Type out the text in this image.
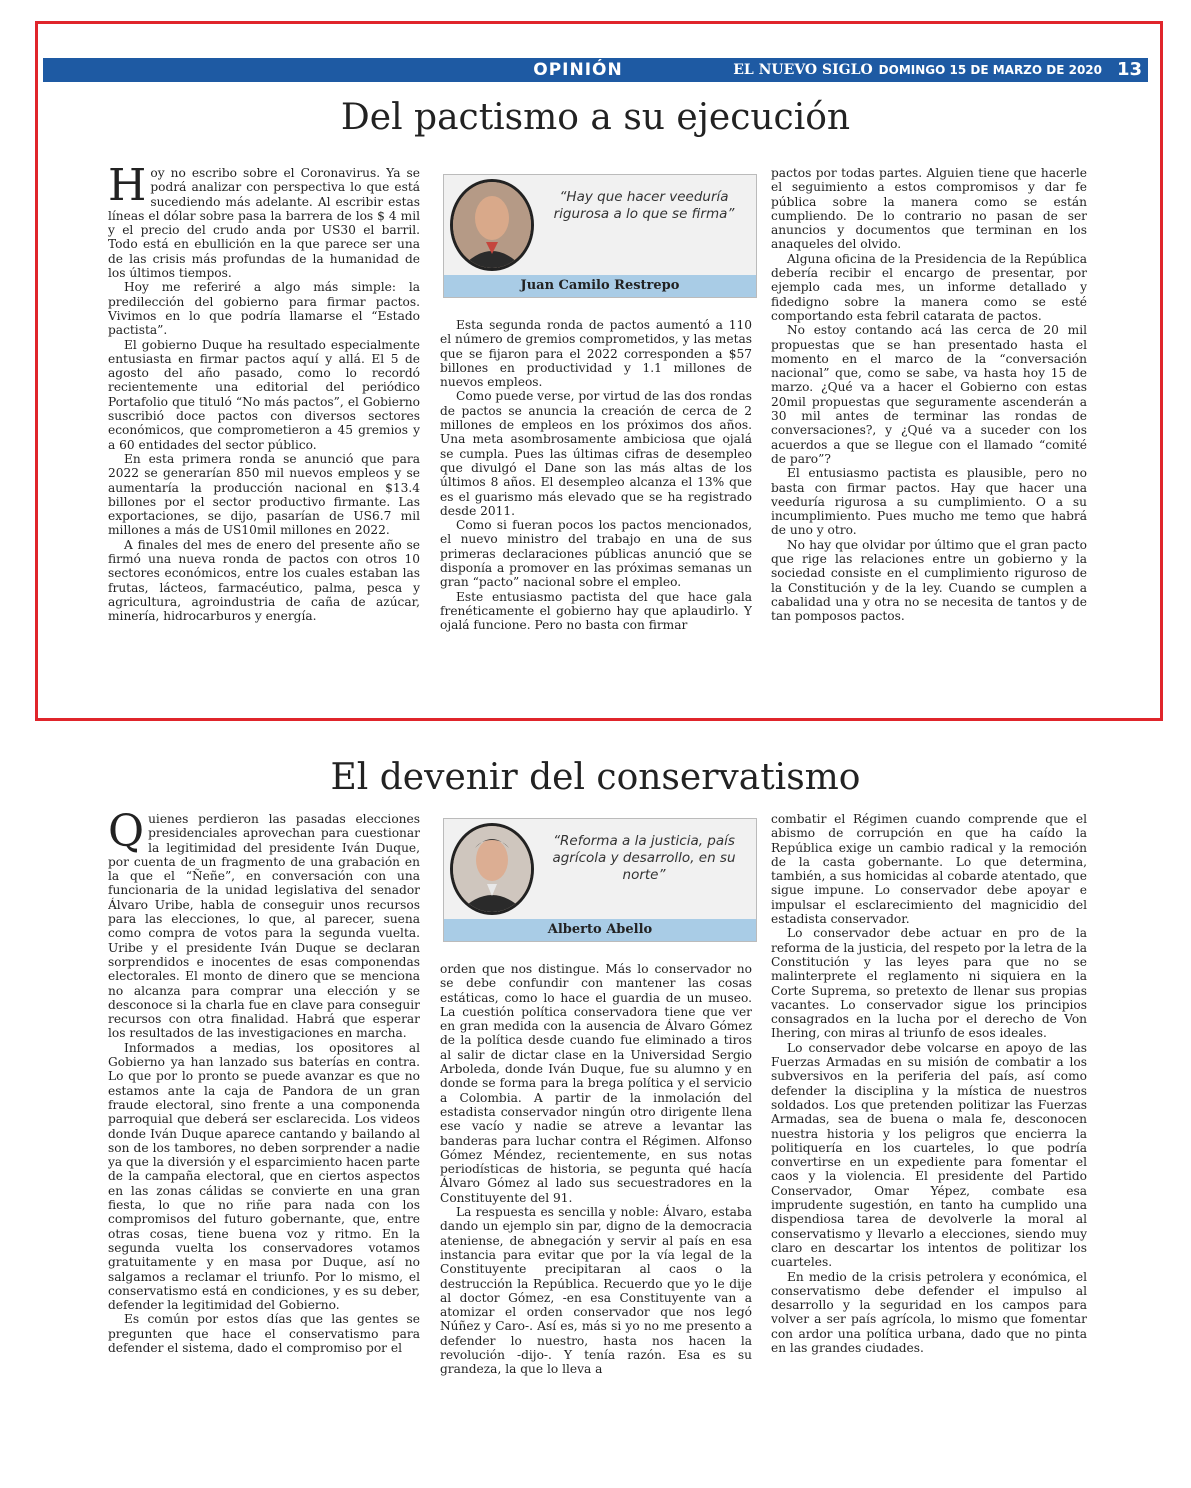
OPINIÓN	EL NUEVO SIGLO DOMINGO 15 DE MARZO DE 2020 13
Del pactismo a su ejecución

Hoy no escribo sobre el Coronavirus. Ya se podrá analizar con perspectiva lo que está sucediendo más adelante. Al escribir estas líneas el dólar sobre pasa la barrera de los $ 4 mil y el precio del crudo anda por US30 el barril. Todo está en ebullición en la que parece ser una de las crisis más profundas de la humanidad de los últimos tiempos.

Hoy me referiré a algo más simple: la predilección del gobierno para firmar pactos. Vivimos en lo que podría llamarse el “Estado pactista”.

El gobierno Duque ha resultado especialmente entusiasta en firmar pactos aquí y allá. El 5 de agosto del año pasado, como lo recordó recientemente una editorial del periódico Portafolio que tituló “No más pactos”, el Gobierno suscribió doce pactos con diversos sectores económicos, que comprometieron a 45 gremios y a 60 entidades del sector público.

En esta primera ronda se anunció que para 2022 se generarían 850 mil nuevos empleos y se aumentaría la producción nacional en $13.4 billones por el sector productivo firmante. Las exportaciones, se dijo, pasarían de US6.7 mil millones a más de US10mil millones en 2022.

A finales del mes de enero del presente año se firmó una nueva ronda de pactos con otros 10 sectores económicos, entre los cuales estaban las frutas, lácteos, farmacéutico, palma, pesca y agricultura, agroindustria de caña de azúcar, minería, hidrocarburos y energía.

“Hay que hacer veeduría rigurosa a lo que se firma”
Juan Camilo Restrepo

Esta segunda ronda de pactos aumentó a 110 el número de gremios comprometidos, y las metas que se fijaron para el 2022 corresponden a $57 billones en productividad y 1.1 millones de nuevos empleos.

Como puede verse, por virtud de las dos rondas de pactos se anuncia la creación de cerca de 2 millones de empleos en los próximos dos años. Una meta asombrosamente ambiciosa que ojalá se cumpla. Pues las últimas cifras de desempleo que divulgó el Dane son las más altas de los últimos 8 años. El desempleo alcanza el 13% que es el guarismo más elevado que se ha registrado desde 2011.

Como si fueran pocos los pactos mencionados, el nuevo ministro del trabajo en una de sus primeras declaraciones públicas anunció que se disponía a promover en las próximas semanas un gran “pacto” nacional sobre el empleo.

Este entusiasmo pactista del que hace gala frenéticamente el gobierno hay que aplaudirlo. Y ojalá funcione. Pero no basta con firmar

pactos por todas partes. Alguien tiene que hacerle el seguimiento a estos compromisos y dar fe pública sobre la manera como se están cumpliendo. De lo contrario no pasan de ser anuncios y documentos que terminan en los anaqueles del olvido.

Alguna oficina de la Presidencia de la República debería recibir el encargo de presentar, por ejemplo cada mes, un informe detallado y fidedigno sobre la manera como se esté comportando esta febril catarata de pactos.

No estoy contando acá las cerca de 20 mil propuestas que se han presentado hasta el momento en el marco de la “conversación nacional” que, como se sabe, va hasta hoy 15 de marzo. ¿Qué va a hacer el Gobierno con estas 20mil propuestas que seguramente ascenderán a 30 mil antes de terminar las rondas de conversaciones?, y ¿Qué va a suceder con los acuerdos a que se llegue con el llamado “comité de paro”?

El entusiasmo pactista es plausible, pero no basta con firmar pactos. Hay que hacer una veeduría rigurosa a su cumplimiento. O a su incumplimiento. Pues mucho me temo que habrá de uno y otro.

No hay que olvidar por último que el gran pacto que rige las relaciones entre un gobierno y la sociedad consiste en el cumplimiento riguroso de la Constitución y de la ley. Cuando se cumplen a cabalidad una y otra no se necesita de tantos y de tan pomposos pactos.

El devenir del conservatismo

Quienes perdieron las pasadas elecciones presidenciales aprovechan para cuestionar la legitimidad del presidente Iván Duque, por cuenta de un fragmento de una grabación en la que el “Ñeñe”, en conversación con una funcionaria de la unidad legislativa del senador Álvaro Uribe, habla de conseguir unos recursos para las elecciones, lo que, al parecer, suena como compra de votos para la segunda vuelta. Uribe y el presidente Iván Duque se declaran sorprendidos e inocentes de esas componendas electorales. El monto de dinero que se menciona no alcanza para comprar una elección y se desconoce si la charla fue en clave para conseguir recursos con otra finalidad. Habrá que esperar los resultados de las investigaciones en marcha.

Informados a medias, los opositores al Gobierno ya han lanzado sus baterías en contra. Lo que por lo pronto se puede avanzar es que no estamos ante la caja de Pandora de un gran fraude electoral, sino frente a una componenda parroquial que deberá ser esclarecida. Los videos donde Iván Duque aparece cantando y bailando al son de los tambores, no deben sorprender a nadie ya que la diversión y el esparcimiento hacen parte de la campaña electoral, que en ciertos aspectos en las zonas cálidas se convierte en una gran fiesta, lo que no riñe para nada con los compromisos del futuro gobernante, que, entre otras cosas, tiene buena voz y ritmo. En la segunda vuelta los conservadores votamos gratuitamente y en masa por Duque, así no salgamos a reclamar el triunfo. Por lo mismo, el conservatismo está en condiciones, y es su deber, defender la legitimidad del Gobierno.

Es común por estos días que las gentes se pregunten que hace el conservatismo para defender el sistema, dado el compromiso por el

“Reforma a la justicia, país agrícola y desarrollo, en su norte”
Alberto Abello

orden que nos distingue. Más lo conservador no se debe confundir con mantener las cosas estáticas, como lo hace el guardia de un museo. La cuestión política conservadora tiene que ver en gran medida con la ausencia de Álvaro Gómez de la política desde cuando fue eliminado a tiros al salir de dictar clase en la Universidad Sergio Arboleda, donde Iván Duque, fue su alumno y en donde se forma para la brega política y el servicio a Colombia. A partir de la inmolación del estadista conservador ningún otro dirigente llena ese vacío y nadie se atreve a levantar las banderas para luchar contra el Régimen. Alfonso Gómez Méndez, recientemente, en sus notas periodísticas de historia, se pegunta qué hacía Álvaro Gómez al lado sus secuestradores en la Constituyente del 91.

La respuesta es sencilla y noble: Álvaro, estaba dando un ejemplo sin par, digno de la democracia ateniense, de abnegación y servir al país en esa instancia para evitar que por la vía legal de la Constituyente precipitaran al caos o la destrucción la República. Recuerdo que yo le dije al doctor Gómez, -en esa Constituyente van a atomizar el orden conservador que nos legó Núñez y Caro-. Así es, más si yo no me presento a defender lo nuestro, hasta nos hacen la revolución -dijo-. Y tenía razón. Esa es su grandeza, la que lo lleva a

combatir el Régimen cuando comprende que el abismo de corrupción en que ha caído la República exige un cambio radical y la remoción de la casta gobernante. Lo que determina, también, a sus homicidas al cobarde atentado, que sigue impune. Lo conservador debe apoyar e impulsar el esclarecimiento del magnicidio del estadista conservador.

Lo conservador debe actuar en pro de la reforma de la justicia, del respeto por la letra de la Constitución y las leyes para que no se malinterprete el reglamento ni siquiera en la Corte Suprema, so pretexto de llenar sus propias vacantes. Lo conservador sigue los principios consagrados en la lucha por el derecho de Von Ihering, con miras al triunfo de esos ideales.

Lo conservador debe volcarse en apoyo de las Fuerzas Armadas en su misión de combatir a los subversivos en la periferia del país, así como defender la disciplina y la mística de nuestros soldados. Los que pretenden politizar las Fuerzas Armadas, sea de buena o mala fe, desconocen nuestra historia y los peligros que encierra la politiquería en los cuarteles, lo que podría convertirse en un expediente para fomentar el caos y la violencia. El presidente del Partido Conservador, Omar Yépez, combate esa imprudente sugestión, en tanto ha cumplido una dispendiosa tarea de devolverle la moral al conservatismo y llevarlo a elecciones, siendo muy claro en descartar los intentos de politizar los cuarteles.

En medio de la crisis petrolera y económica, el conservatismo debe defender el impulso al desarrollo y la seguridad en los campos para volver a ser país agrícola, lo mismo que fomentar con ardor una política urbana, dado que no pinta en las grandes ciudades.
